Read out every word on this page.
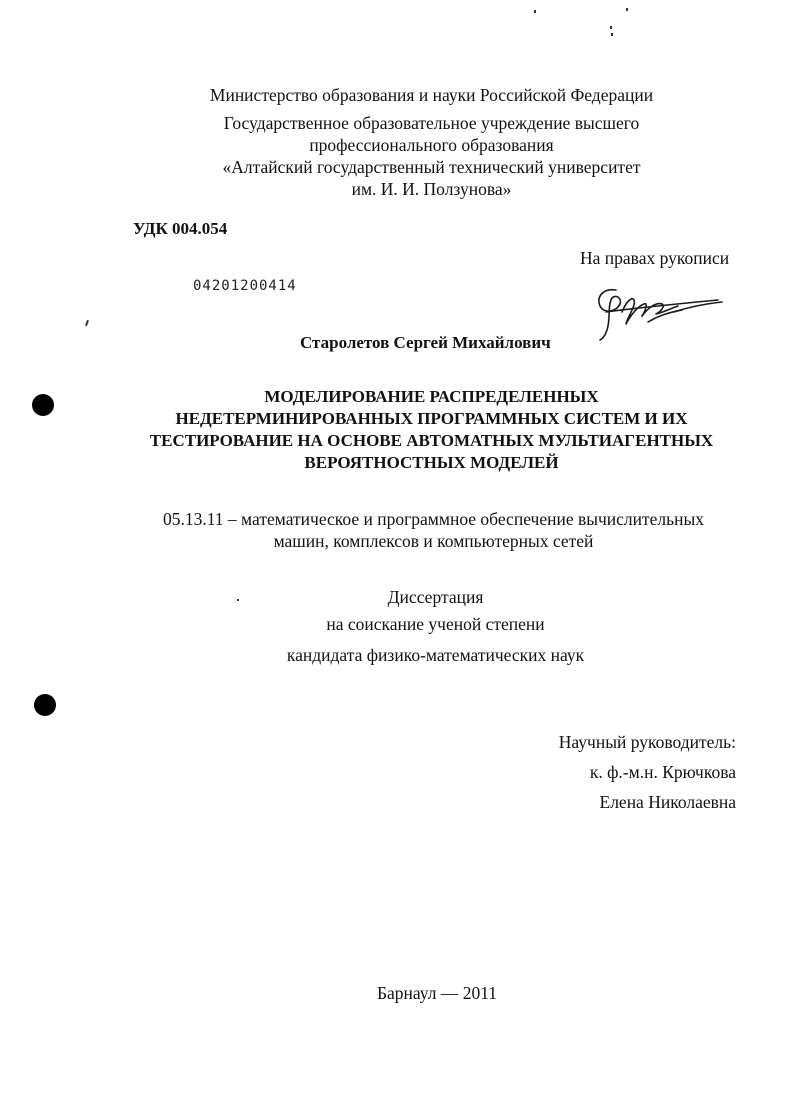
Министерство образования и науки Российской Федерации
Государственное образовательное учреждение высшего
профессионального образования
«Алтайский государственный технический университет
им. И. И. Ползунова»
УДК 004.054
На правах рукописи
04201200414
Старолетов Сергей Михайлович
МОДЕЛИРОВАНИЕ РАСПРЕДЕЛЕННЫХ
НЕДЕТЕРМИНИРОВАННЫХ ПРОГРАММНЫХ СИСТЕМ И ИХ
ТЕСТИРОВАНИЕ НА ОСНОВЕ АВТОМАТНЫХ МУЛЬТИАГЕНТНЫХ
ВЕРОЯТНОСТНЫХ МОДЕЛЕЙ
05.13.11 – математическое и программное обеспечение вычислительных
машин, комплексов и компьютерных сетей
Диссертация
на соискание ученой степени
кандидата физико-математических наук
Научный руководитель:
к. ф.-м.н. Крючкова
Елена Николаевна
Барнаул — 2011
